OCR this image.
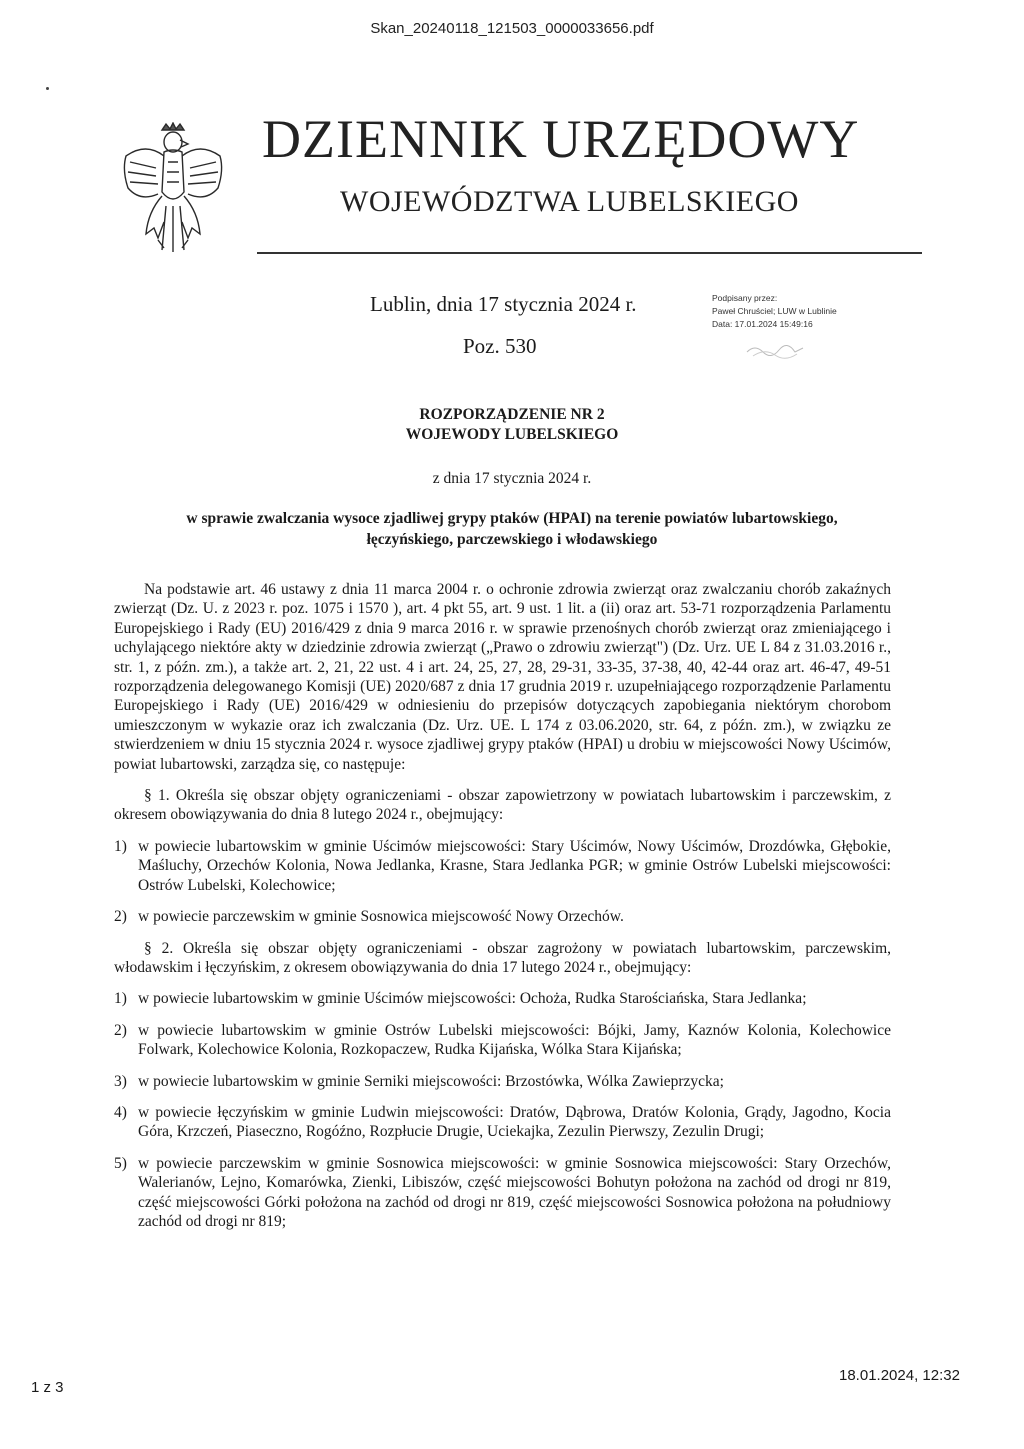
Skan_20240118_121503_0000033656.pdf
DZIENNIK URZĘDOWY
WOJEWÓDZTWA LUBELSKIEGO
Lublin, dnia 17 stycznia 2024 r.
Poz. 530
Podpisany przez:
Paweł Chruściel; LUW w Lublinie
Data: 17.01.2024 15:49:16
ROZPORZĄDZENIE NR 2
WOJEWODY LUBELSKIEGO
z dnia 17 stycznia 2024 r.
w sprawie zwalczania wysoce zjadliwej grypy ptaków (HPAI) na terenie powiatów lubartowskiego,
łęczyńskiego, parczewskiego i włodawskiego

Na podstawie art. 46 ustawy z dnia 11 marca 2004 r. o ochronie zdrowia zwierząt oraz zwalczaniu chorób zakaźnych zwierząt (Dz. U. z 2023 r. poz. 1075 i 1570 ), art. 4 pkt 55, art. 9 ust. 1 lit. a (ii) oraz art. 53-71 rozporządzenia Parlamentu Europejskiego i Rady (EU) 2016/429 z dnia 9 marca 2016 r. w sprawie przenośnych chorób zwierząt oraz zmieniającego i uchylającego niektóre akty w dziedzinie zdrowia zwierząt („Prawo o zdrowiu zwierząt") (Dz. Urz. UE L 84 z 31.03.2016 r., str. 1, z późn. zm.), a także art. 2, 21, 22 ust. 4 i art. 24, 25, 27, 28, 29-31, 33-35, 37-38, 40, 42-44 oraz art. 46-47, 49-51 rozporządzenia delegowanego Komisji (UE) 2020/687 z dnia 17 grudnia 2019 r. uzupełniającego rozporządzenie Parlamentu Europejskiego i Rady (UE) 2016/429 w odniesieniu do przepisów dotyczących zapobiegania niektórym chorobom umieszczonym w wykazie oraz ich zwalczania (Dz. Urz. UE. L 174 z 03.06.2020, str. 64, z późn. zm.), w związku ze stwierdzeniem w dniu 15 stycznia 2024 r. wysoce zjadliwej grypy ptaków (HPAI) u drobiu w miejscowości Nowy Uścimów, powiat lubartowski, zarządza się, co następuje:

§ 1. Określa się obszar objęty ograniczeniami - obszar zapowietrzony w powiatach lubartowskim i parczewskim, z okresem obowiązywania do dnia 8 lutego 2024 r., obejmujący:

1) w powiecie lubartowskim w gminie Uścimów miejscowości: Stary Uścimów, Nowy Uścimów, Drozdówka, Głębokie, Maśluchy, Orzechów Kolonia, Nowa Jedlanka, Krasne, Stara Jedlanka PGR; w gminie Ostrów Lubelski miejscowości: Ostrów Lubelski, Kolechowice;

2) w powiecie parczewskim w gminie Sosnowica miejscowość Nowy Orzechów.

§ 2. Określa się obszar objęty ograniczeniami - obszar zagrożony w powiatach lubartowskim, parczewskim, włodawskim i łęczyńskim, z okresem obowiązywania do dnia 17 lutego 2024 r., obejmujący:

1) w powiecie lubartowskim w gminie Uścimów miejscowości: Ochoża, Rudka Starościańska, Stara Jedlanka;

2) w powiecie lubartowskim w gminie Ostrów Lubelski miejscowości: Bójki, Jamy, Kaznów Kolonia, Kolechowice Folwark, Kolechowice Kolonia, Rozkopaczew, Rudka Kijańska, Wólka Stara Kijańska;

3) w powiecie lubartowskim w gminie Serniki miejscowości: Brzostówka, Wólka Zawieprzycka;

4) w powiecie łęczyńskim w gminie Ludwin miejscowości: Dratów, Dąbrowa, Dratów Kolonia, Grądy, Jagodno, Kocia Góra, Krzczeń, Piaseczno, Rogóźno, Rozpłucie Drugie, Uciekajka, Zezulin Pierwszy, Zezulin Drugi;

5) w powiecie parczewskim w gminie Sosnowica miejscowości: w gminie Sosnowica miejscowości: Stary Orzechów, Walerianów, Lejno, Komarówka, Zienki, Libiszów, część miejscowości Bohutyn położona na zachód od drogi nr 819, część miejscowości Górki położona na zachód od drogi nr 819, część miejscowości Sosnowica położona na południowy zachód od drogi nr 819;

1 z 3
18.01.2024, 12:32
